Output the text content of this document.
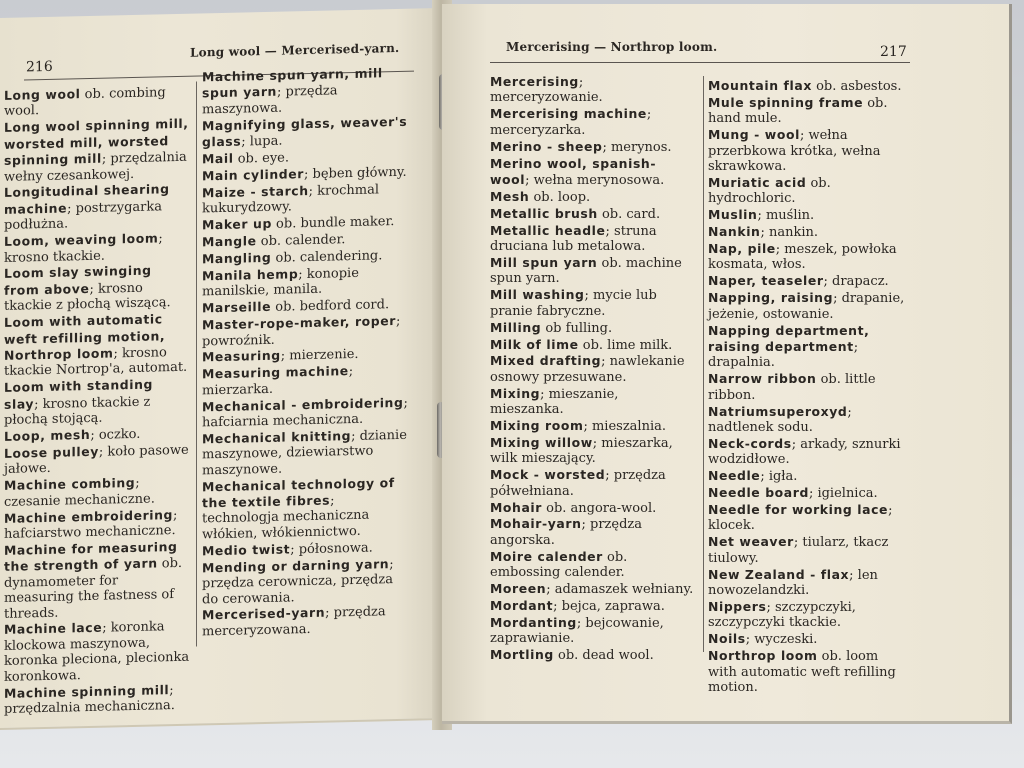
216
Long wool — Mercerised-yarn.
Long wool ob. combing wool.
Long wool spinning mill, worsted mill, worsted spinning mill; przędzalnia wełny czesankowej.
Longitudinal shearing machine; postrzygarka podłużna.
Loom, weaving loom; krosno tkackie.
Loom slay swinging from above; krosno tkackie z płochą wiszącą.
Loom with automatic weft refilling motion, Northrop loom; krosno tkackie Nortrop'a, automat.
Loom with standing slay; krosno tkackie z płochą stojącą.
Loop, mesh; oczko.
Loose pulley; koło pasowe jałowe.
Machine combing; czesanie mechaniczne.
Machine embroidering; hafciarstwo mechaniczne.
Machine for measuring the strength of yarn ob. dynamometer for measuring the fastness of threads.
Machine lace; koronka klockowa maszynowa, koronka pleciona, plecionka koronkowa.
Machine spinning mill; przędzalnia mechaniczna.
Machine spun yarn, mill spun yarn; przędza maszynowa.
Magnifying glass, weaver's glass; lupa.
Mail ob. eye.
Main cylinder; bęben główny.
Maize - starch; krochmal kukurydzowy.
Maker up ob. bundle maker.
Mangle ob. calender.
Mangling ob. calendering.
Manila hemp; konopie manilskie, manila.
Marseille ob. bedford cord.
Master-rope-maker, roper; powroźnik.
Measuring; mierzenie.
Measuring machine; mierzarka.
Mechanical - embroidering; hafciarnia mechaniczna.
Mechanical knitting; dzianie maszynowe, dziewiarstwo maszynowe.
Mechanical technology of the textile fibres; technologja mechaniczna włókien, włókiennictwo.
Medio twist; półosnowa.
Mending or darning yarn; przędza cerownicza, przędza do cerowania.
Mercerised-yarn; przędza merceryzowana.
Mercerising — Northrop loom.	217
Mercerising; merceryzowanie.
Mercerising machine; merceryzarka.
Merino - sheep; merynos.
Merino wool, spanish-wool; wełna merynosowa.
Mesh ob. loop.
Metallic brush ob. card.
Metallic headle; struna druciana lub metalowa.
Mill spun yarn ob. machine spun yarn.
Mill washing; mycie lub pranie fabryczne.
Milling ob fulling.
Milk of lime ob. lime milk.
Mixed drafting; nawlekanie osnowy przesuwane.
Mixing; mieszanie, mieszanka.
Mixing room; mieszalnia.
Mixing willow; mieszarka, wilk mieszający.
Mock - worsted; przędza półwełniana.
Mohair ob. angora-wool.
Mohair-yarn; przędza angorska.
Moire calender ob. embossing calender.
Moreen; adamaszek wełniany.
Mordant; bejca, zaprawa.
Mordanting; bejcowanie, zaprawianie.
Mortling ob. dead wool.
Mountain flax ob. asbestos.
Mule spinning frame ob. hand mule.
Mung - wool; wełna przerbkowa krótka, wełna skrawkowa.
Muriatic acid ob. hydrochloric.
Muslin; muślin.
Nankin; nankin.
Nap, pile; meszek, powłoka kosmata, włos.
Naper, teaseler; drapacz.
Napping, raising; drapanie, jeżenie, ostowanie.
Napping department, raising department; drapalnia.
Narrow ribbon ob. little ribbon.
Natriumsuperoxyd; nadtlenek sodu.
Neck-cords; arkady, sznurki wodzidłowe.
Needle; igła.
Needle board; igielnica.
Needle for working lace; klocek.
Net weaver; tiularz, tkacz tiulowy.
New Zealand - flax; len nowozelandzki.
Nippers; szczypczyki, szczypczyki tkackie.
Noils; wyczeski.
Northrop loom ob. loom with automatic weft refilling motion.
